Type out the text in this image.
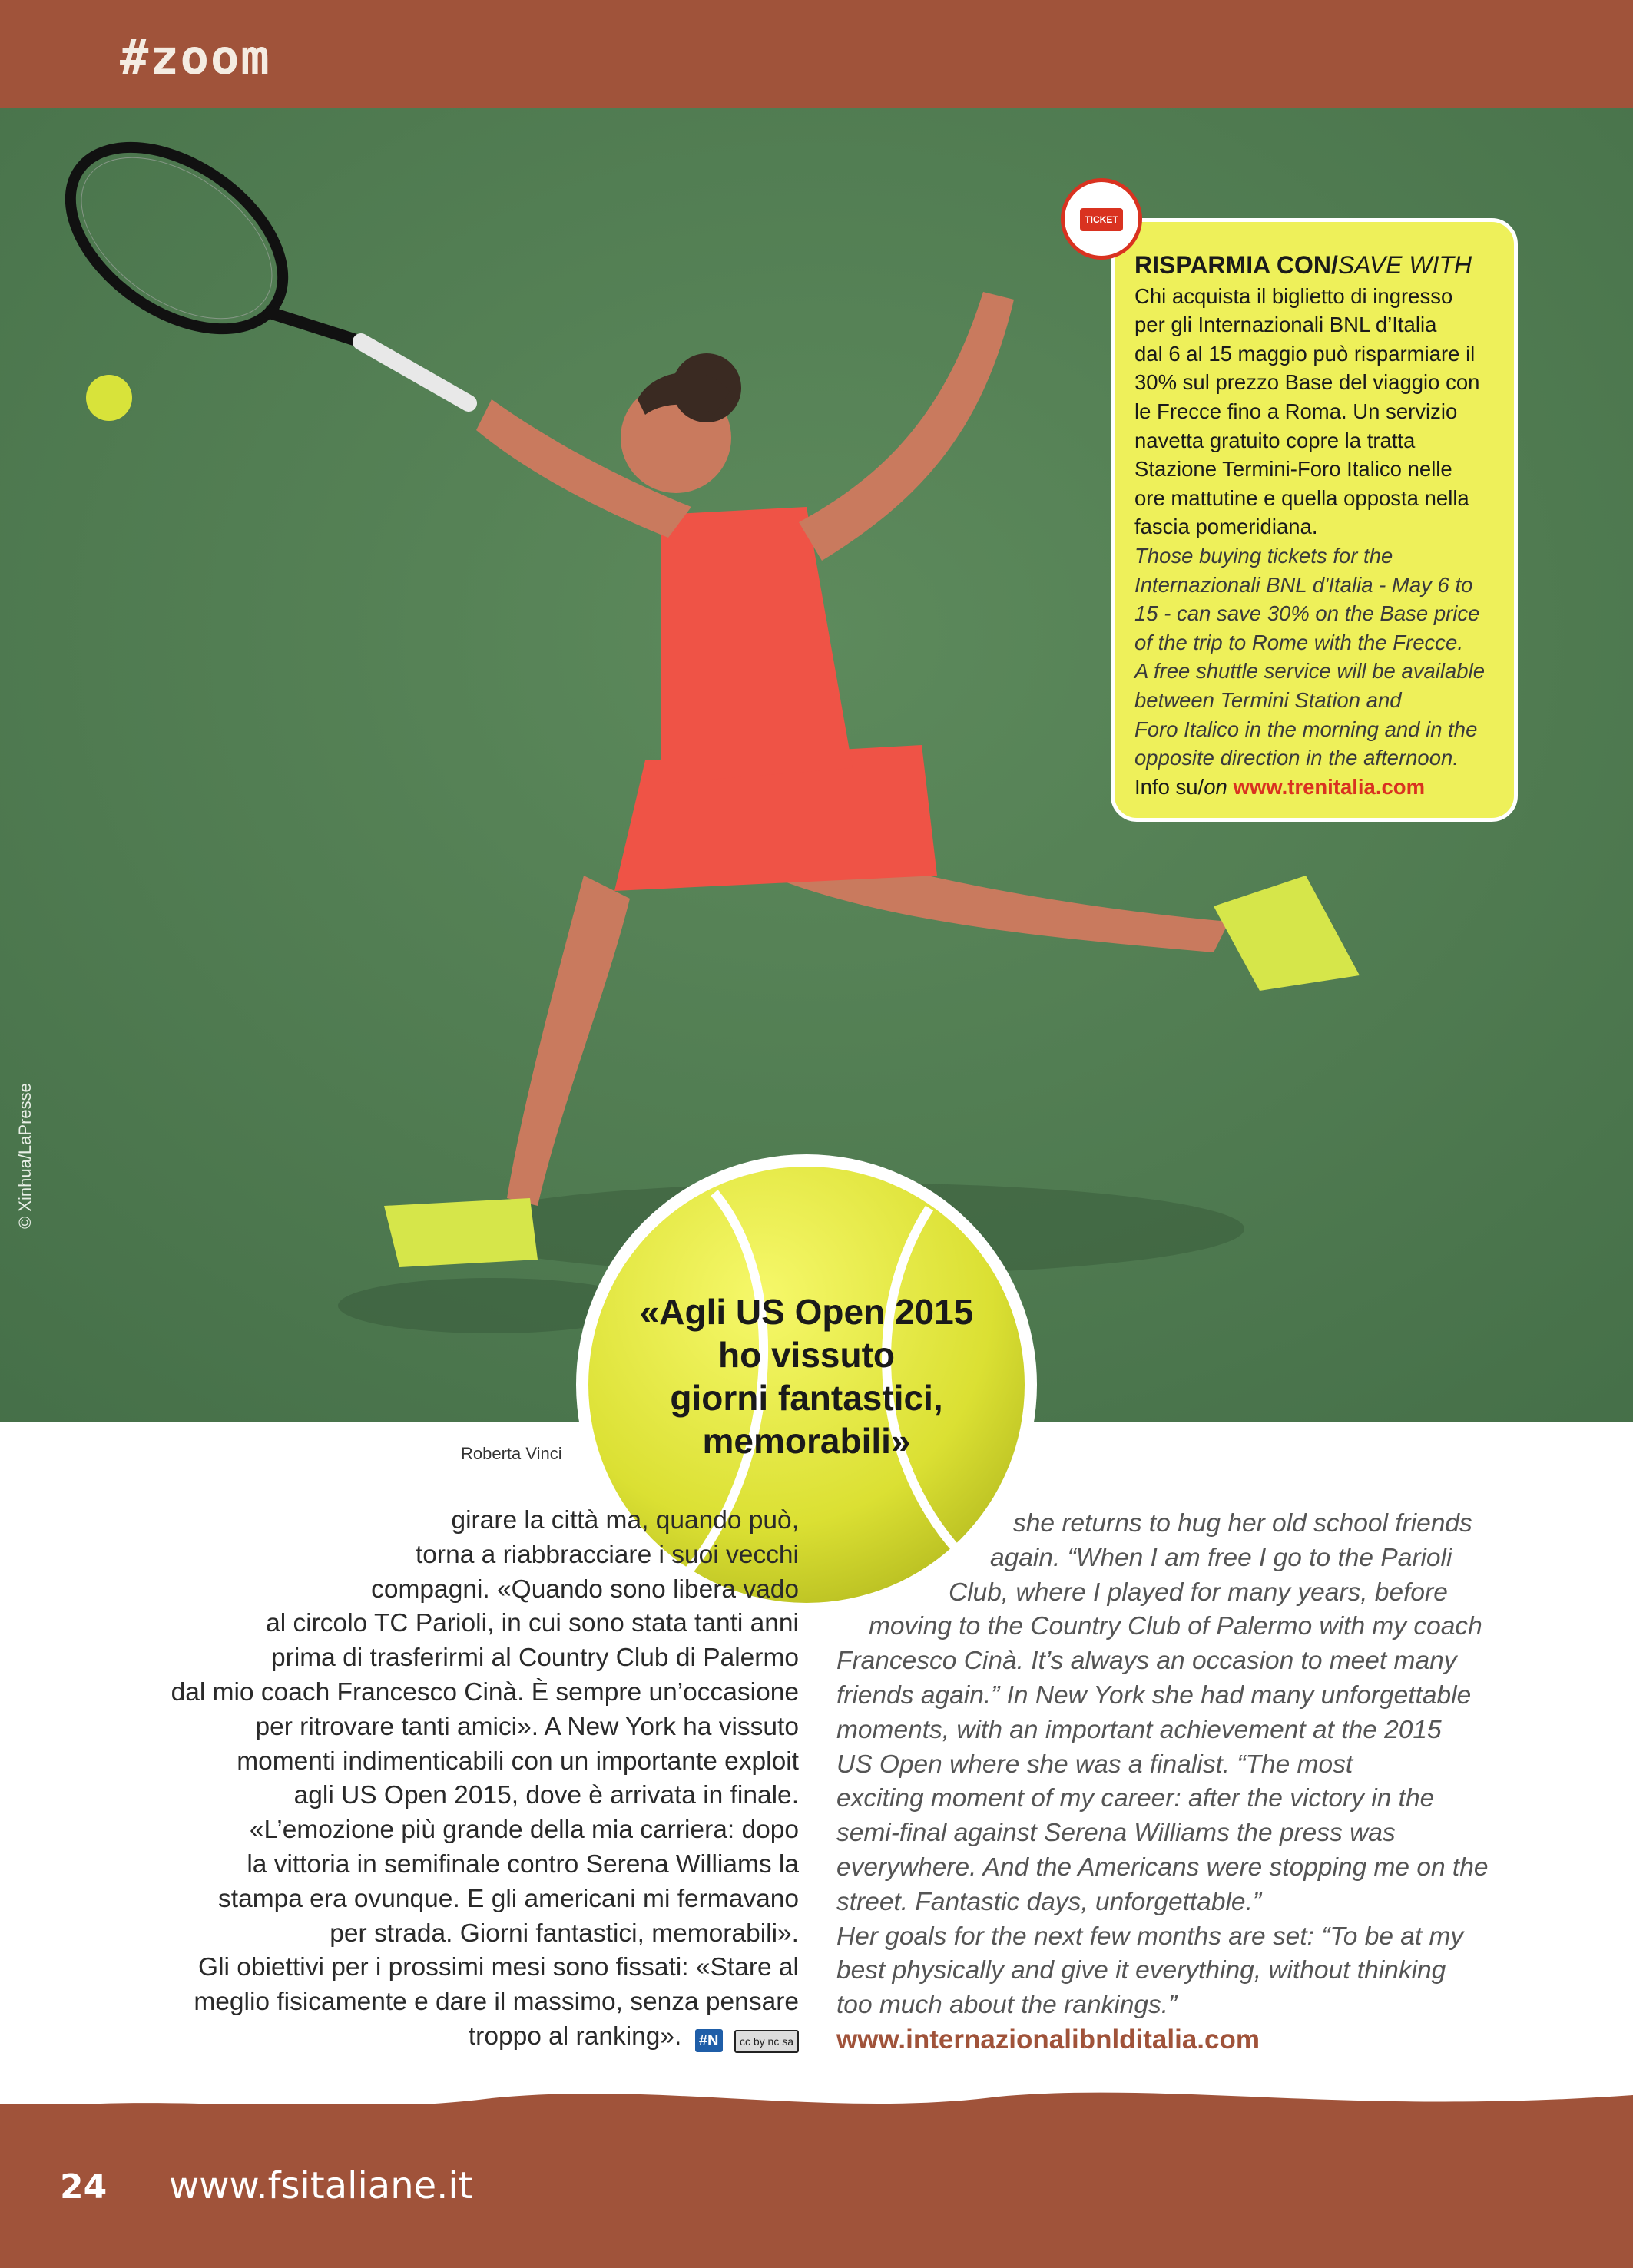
#zoom
© Xinhua/LaPresse
RISPARMIA CON/SAVE WITH
Chi acquista il biglietto di ingresso
per gli Internazionali BNL d’Italia
dal 6 al 15 maggio può risparmiare il
30% sul prezzo Base del viaggio con
le Frecce fino a Roma. Un servizio
navetta gratuito copre la tratta
Stazione Termini-Foro Italico nelle
ore mattutine e quella opposta nella
fascia pomeridiana.
Those buying tickets for the
Internazionali BNL d'Italia - May 6 to
15 - can save 30% on the Base price
of the trip to Rome with the Frecce.
A free shuttle service will be available
between Termini Station and
Foro Italico in the morning and in the
opposite direction in the afternoon.
Info su/on www.trenitalia.com
TICKET
«Agli US Open 2015
ho vissuto
giorni fantastici,
memorabili»
Roberta Vinci
girare la città ma, quando può,
torna a riabbracciare i suoi vecchi
compagni. «Quando sono libera vado
al circolo TC Parioli, in cui sono stata tanti anni
prima di trasferirmi al Country Club di Palermo
dal mio coach Francesco Cinà. È sempre un’occasione
per ritrovare tanti amici». A New York ha vissuto
momenti indimenticabili con un importante exploit
agli US Open 2015, dove è arrivata in finale.
«L’emozione più grande della mia carriera: dopo
la vittoria in semifinale contro Serena Williams la
stampa era ovunque. E gli americani mi fermavano
per strada. Giorni fantastici, memorabili».
Gli obiettivi per i prossimi mesi sono fissati: «Stare al
meglio fisicamente e dare il massimo, senza pensare
troppo al ranking». #N cc by nc sa
she returns to hug her old school friends
again. “When I am free I go to the Parioli
Club, where I played for many years, before
moving to the Country Club of Palermo with my coach
Francesco Cinà. It’s always an occasion to meet many
friends again.” In New York she had many unforgettable
moments, with an important achievement at the 2015
US Open where she was a finalist. “The most
exciting moment of my career: after the victory in the
semi-final against Serena Williams the press was
everywhere. And the Americans were stopping me on the
street. Fantastic days, unforgettable.”
Her goals for the next few months are set: “To be at my
best physically and give it everything, without thinking
too much about the rankings.”
www.internazionalibnlditalia.com
24 www.fsitaliane.it
